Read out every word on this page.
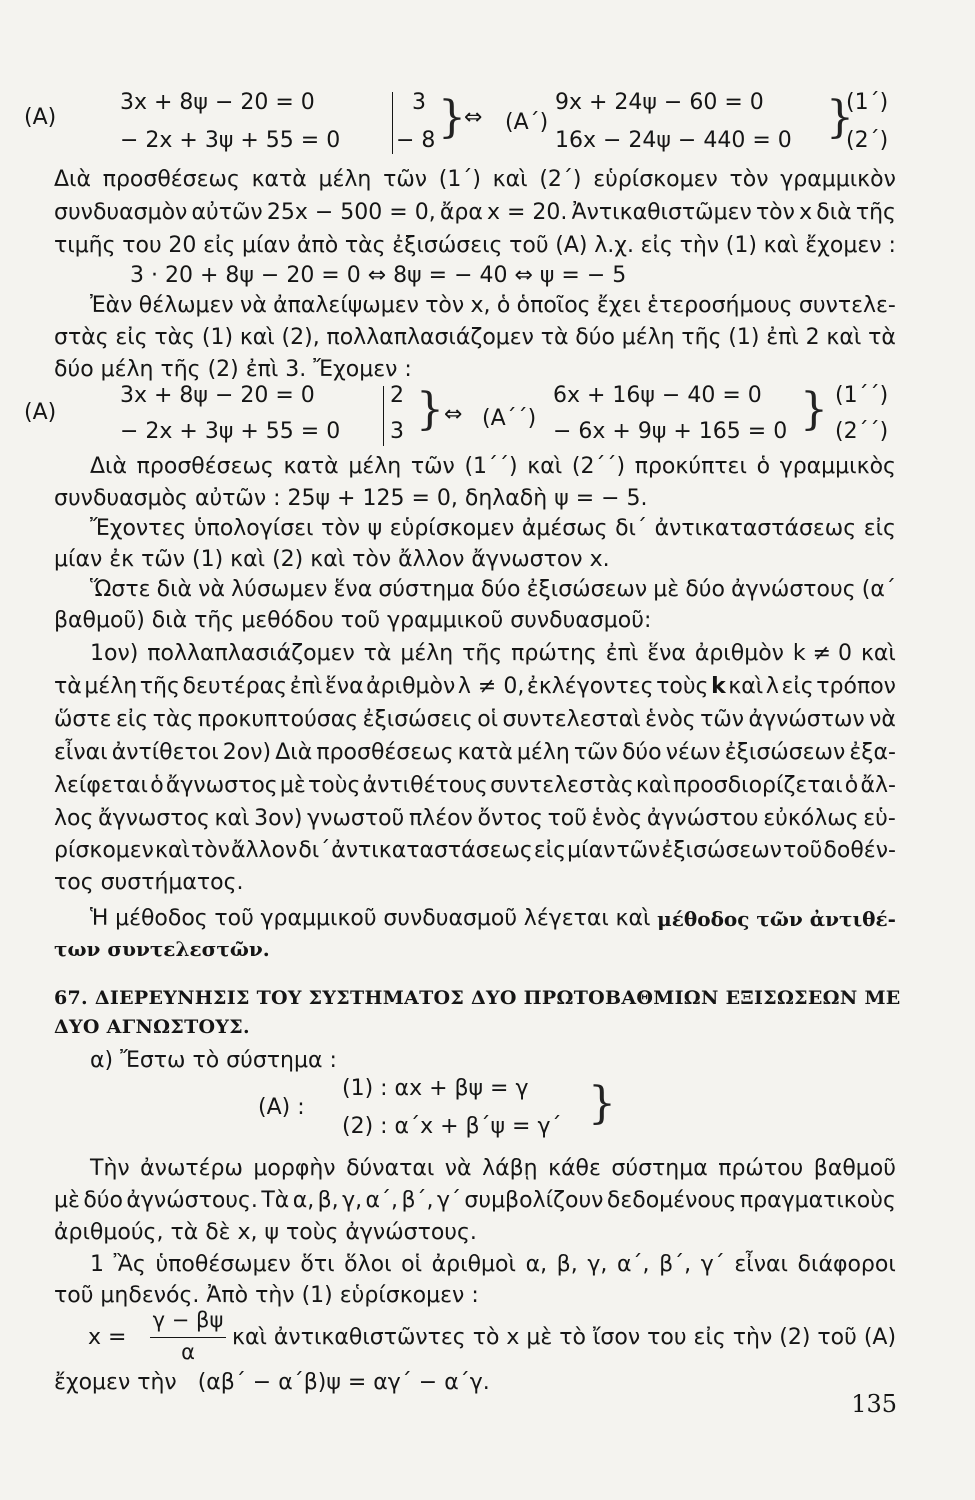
(A)
3x + 8ψ − 20 = 0
− 2x + 3ψ + 55 = 0
3
− 8 }
⇔ (A΄)
9x + 24ψ − 60 = 0
16x − 24ψ − 440 = 0 }
(1΄)
(2΄)
Διὰ προσθέσεως κατὰ μέλη τῶν (1΄) καὶ (2΄) εὑρίσκομεν τὸν γραμμικὸν
συνδυασμὸν αὐτῶν 25x − 500 = 0, ἄρα x = 20. Ἀντικαθιστῶμεν τὸν x διὰ τῆς
τιμῆς του 20 εἰς μίαν ἀπὸ τὰς ἐξισώσεις τοῦ (A) λ.χ. εἰς τὴν (1) καὶ ἔχομεν :
3 · 20 + 8ψ − 20 = 0 ⇔ 8ψ = − 40 ⇔ ψ = − 5
Ἐὰν θέλωμεν νὰ ἀπαλείψωμεν τὸν x, ὁ ὁποῖος ἔχει ἑτεροσήμους συντελε-
στὰς εἰς τὰς (1) καὶ (2), πολλαπλασιάζομεν τὰ δύο μέλη τῆς (1) ἐπὶ 2 καὶ τὰ
δύο μέλη τῆς (2) ἐπὶ 3. Ἔχομεν :
(A)
3x + 8ψ − 20 = 0
− 2x + 3ψ + 55 = 0
2
3 } ⇔ (A΄΄)
6x + 16ψ − 40 = 0
− 6x + 9ψ + 165 = 0 } (1΄΄)
(2΄΄)
Διὰ προσθέσεως κατὰ μέλη τῶν (1΄΄) καὶ (2΄΄) προκύπτει ὁ γραμμικὸς
συνδυασμὸς αὐτῶν : 25ψ + 125 = 0, δηλαδὴ ψ = − 5.
Ἔχοντες ὑπολογίσει τὸν ψ εὑρίσκομεν ἀμέσως δι΄ ἀντικαταστάσεως εἰς
μίαν ἐκ τῶν (1) καὶ (2) καὶ τὸν ἄλλον ἄγνωστον x.
Ὥστε διὰ νὰ λύσωμεν ἕνα σύστημα δύο ἐξισώσεων μὲ δύο ἀγνώστους (α΄
βαθμοῦ) διὰ τῆς μεθόδου τοῦ γραμμικοῦ συνδυασμοῦ:
1ον) πολλαπλασιάζομεν τὰ μέλη τῆς πρώτης ἐπὶ ἕνα ἀριθμὸν k ≠ 0 καὶ
τὰ μέλη τῆς δευτέρας ἐπὶ ἕνα ἀριθμὸν λ ≠ 0, ἐκλέγοντες τοὺς k καὶ λ εἰς τρόπον
ὥστε εἰς τὰς προκυπτούσας ἐξισώσεις οἱ συντελεσταὶ ἑνὸς τῶν ἀγνώστων νὰ
εἶναι ἀντίθετοι 2ον) Διὰ προσθέσεως κατὰ μέλη τῶν δύο νέων ἐξισώσεων ἐξα-
λείφεται ὁ ἄγνωστος μὲ τοὺς ἀντιθέτους συντελεστὰς καὶ προσδιορίζεται ὁ ἄλ-
λος ἄγνωστος καὶ 3ον) γνωστοῦ πλέον ὄντος τοῦ ἑνὸς ἀγνώστου εὐκόλως εὑ-
ρίσκομεν καὶ τὸν ἄλλον δι΄ ἀντικαταστάσεως εἰς μίαν τῶν ἐξισώσεων τοῦ δοθέν-
τος συστήματος.
Ἡ μέθοδος τοῦ γραμμικοῦ συνδυασμοῦ λέγεται καὶ μέθοδος τῶν ἀντιθέ-
των συντελεστῶν.
67. ΔΙΕΡΕΥΝΗΣΙΣ ΤΟΥ ΣΥΣΤΗΜΑΤΟΣ ΔΥΟ ΠΡΩΤΟΒΑΘΜΙΩΝ ΕΞΙΣΩΣΕΩΝ ΜΕ
ΔΥΟ ΑΓΝΩΣΤΟΥΣ.
α) Ἔστω τὸ σύστημα :
(A) :
(1) : αx + βψ = γ
(2) : α΄x + β΄ψ = γ΄ }
Τὴν ἀνωτέρω μορφὴν δύναται νὰ λάβῃ κάθε σύστημα πρώτου βαθμοῦ
μὲ δύο ἀγνώστους. Τὰ α, β, γ, α΄, β΄, γ΄ συμβολίζουν δεδομένους πραγματικοὺς
ἀριθμούς, τὰ δὲ x, ψ τοὺς ἀγνώστους.
1 Ἂς ὑποθέσωμεν ὅτι ὅλοι οἱ ἀριθμοὶ α, β, γ, α΄, β΄, γ΄ εἶναι διάφοροι
τοῦ μηδενός. Ἀπὸ τὴν (1) εὑρίσκομεν :
x =
γ − βψ
α
καὶ ἀντικαθιστῶντες τὸ x μὲ τὸ ἴσον του εἰς τὴν (2) τοῦ (A)
ἔχομεν τὴν   (αβ΄ − α΄β)ψ = αγ΄ − α΄γ.
135
